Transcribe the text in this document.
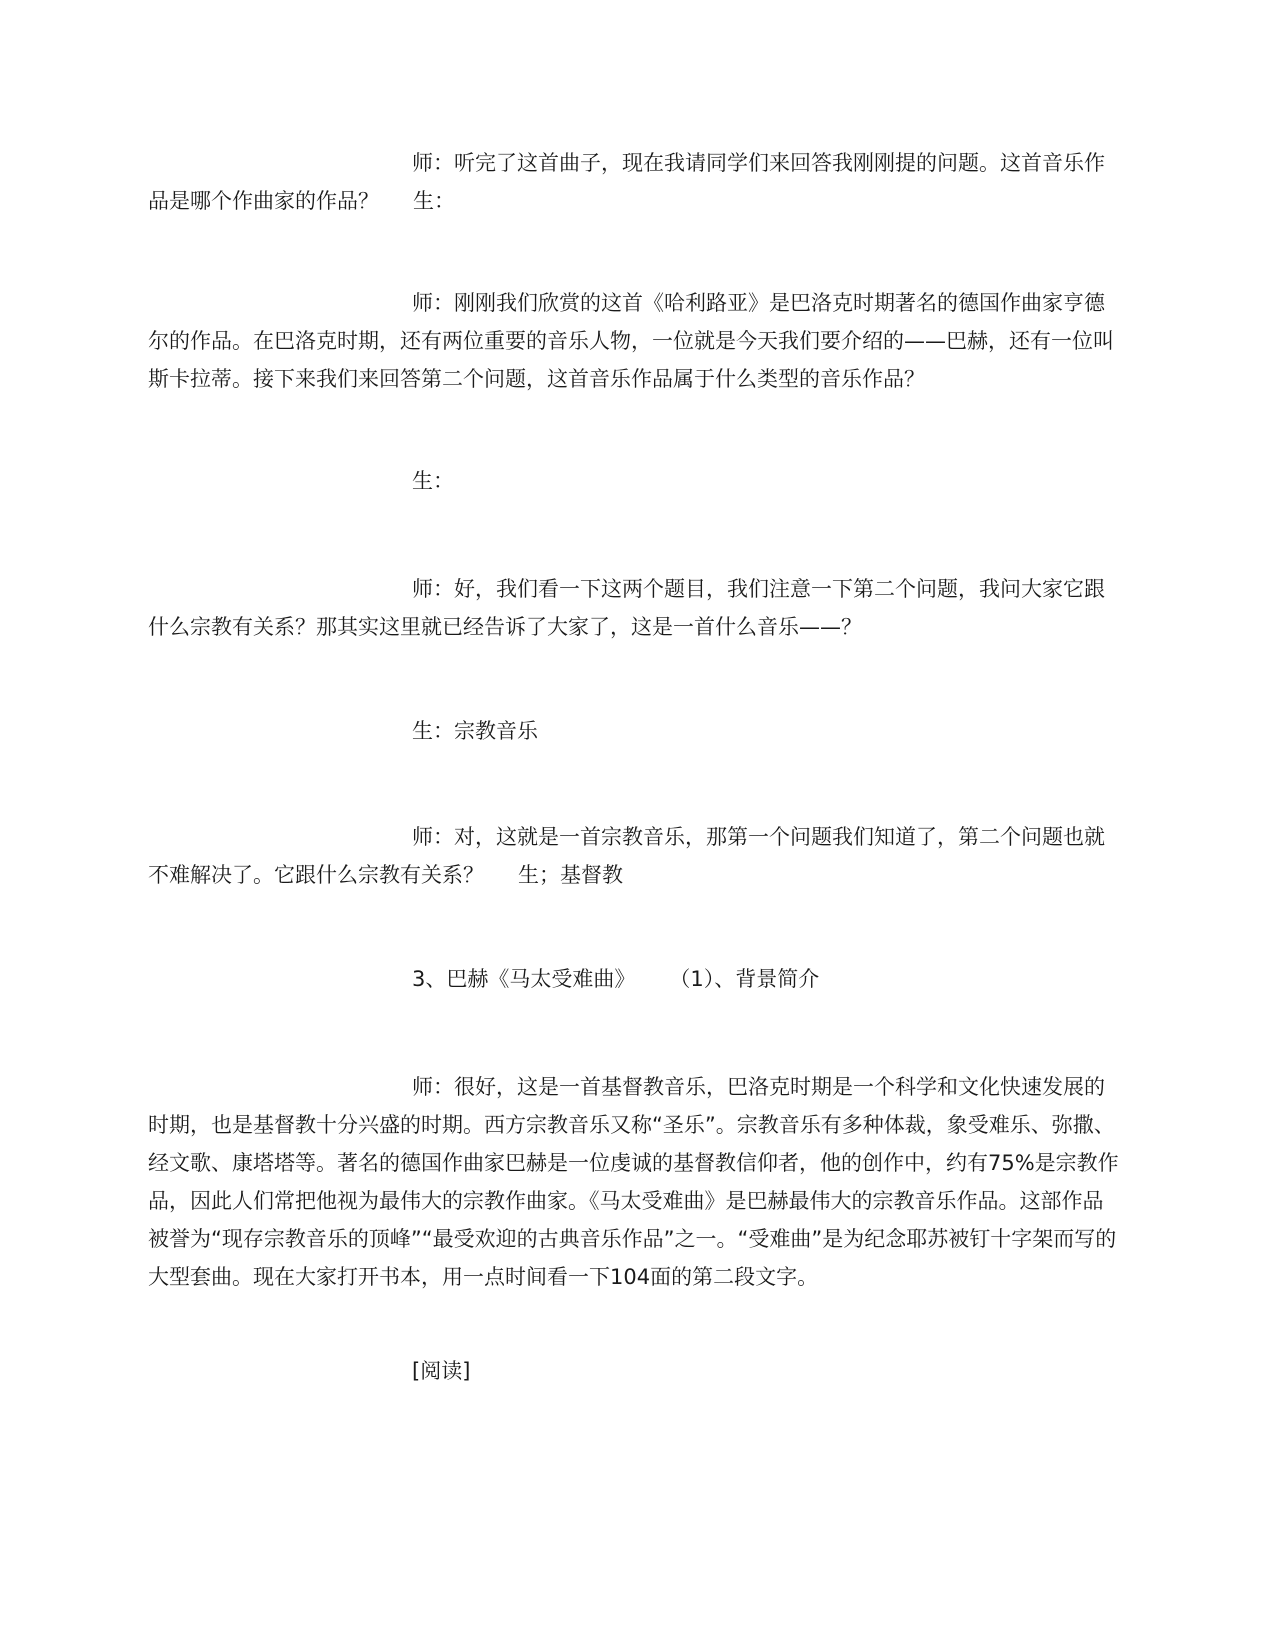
师：听完了这首曲子，现在我请同学们来回答我刚刚提的问题。这首音乐作品是哪个作曲家的作品？ 生：

师：刚刚我们欣赏的这首《哈利路亚》是巴洛克时期著名的德国作曲家亨德尔的作品。在巴洛克时期，还有两位重要的音乐人物，一位就是今天我们要介绍的——巴赫，还有一位叫斯卡拉蒂。接下来我们来回答第二个问题，这首音乐作品属于什么类型的音乐作品？

生：

师：好，我们看一下这两个题目，我们注意一下第二个问题，我问大家它跟什么宗教有关系？那其实这里就已经告诉了大家了，这是一首什么音乐——？

生：宗教音乐

师：对，这就是一首宗教音乐，那第一个问题我们知道了，第二个问题也就不难解决了。它跟什么宗教有关系？ 生；基督教

3、巴赫《马太受难曲》 （1）、背景简介

师：很好，这是一首基督教音乐，巴洛克时期是一个科学和文化快速发展的时期，也是基督教十分兴盛的时期。西方宗教音乐又称“圣乐”。宗教音乐有多种体裁，象受难乐、弥撒、经文歌、康塔塔等。著名的德国作曲家巴赫是一位虔诚的基督教信仰者，他的创作中，约有75%是宗教作品，因此人们常把他视为最伟大的宗教作曲家。《马太受难曲》是巴赫最伟大的宗教音乐作品。这部作品被誉为“现存宗教音乐的顶峰”“最受欢迎的古典音乐作品”之一。“受难曲”是为纪念耶苏被钉十字架而写的大型套曲。现在大家打开书本，用一点时间看一下104面的第二段文字。

[阅读]
